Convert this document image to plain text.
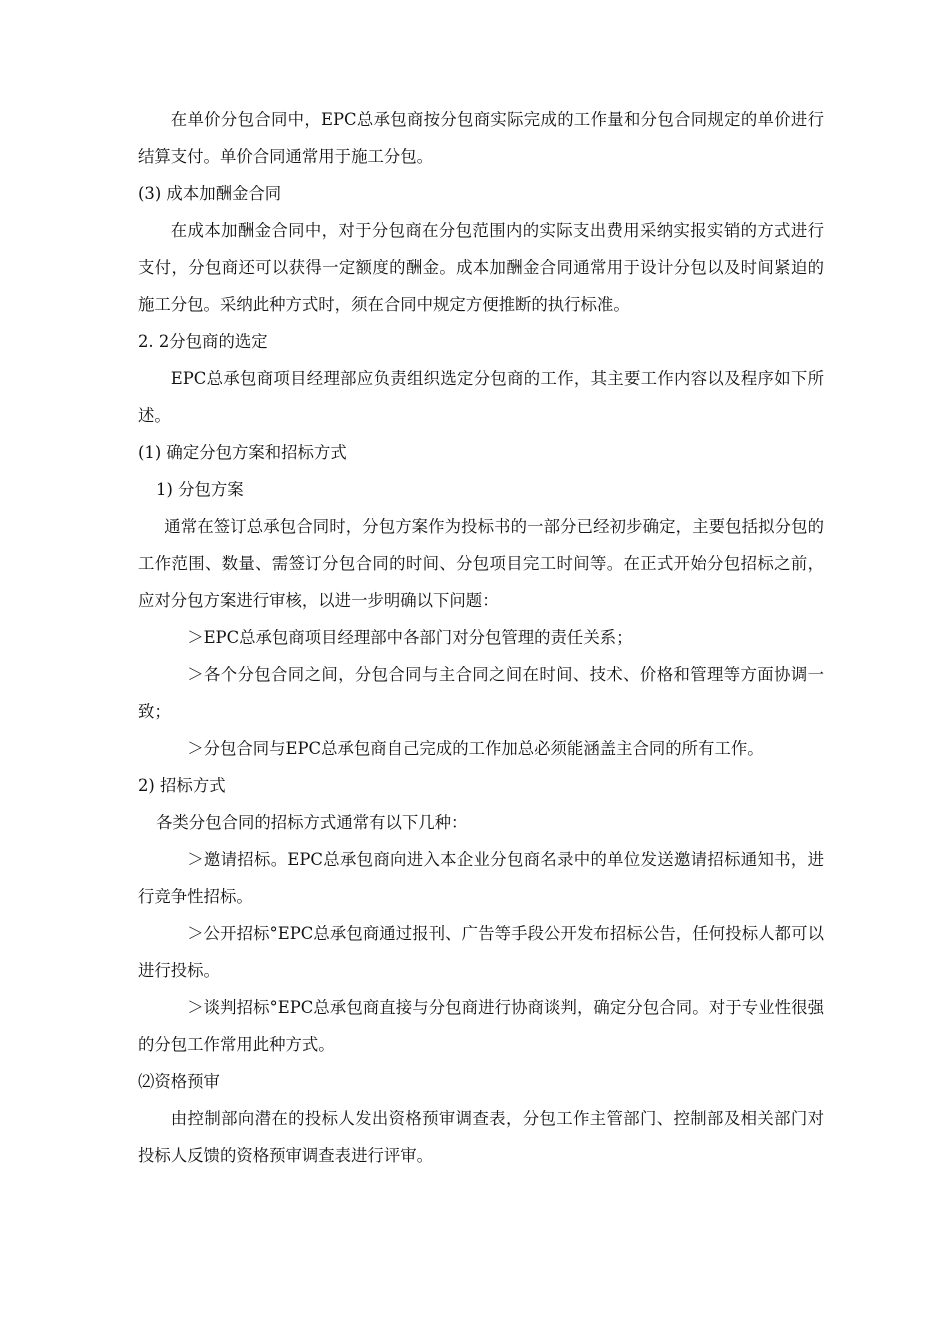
在单价分包合同中，EPC总承包商按分包商实际完成的工作量和分包合同规定的单价进行结算支付。单价合同通常用于施工分包。

(3) 成本加酬金合同

在成本加酬金合同中，对于分包商在分包范围内的实际支出费用采纳实报实销的方式进行支付，分包商还可以获得一定额度的酬金。成本加酬金合同通常用于设计分包以及时间紧迫的施工分包。采纳此种方式时，须在合同中规定方便推断的执行标准。

2. 2分包商的选定

EPC总承包商项目经理部应负责组织选定分包商的工作，其主要工作内容以及程序如下所述。

(1) 确定分包方案和招标方式

1) 分包方案

通常在签订总承包合同时，分包方案作为投标书的一部分已经初步确定，主要包括拟分包的工作范围、数量、需签订分包合同的时间、分包项目完工时间等。在正式开始分包招标之前，应对分包方案进行审核，以进一步明确以下问题：

＞EPC总承包商项目经理部中各部门对分包管理的责任关系；

＞各个分包合同之间，分包合同与主合同之间在时间、技术、价格和管理等方面协调一致；

＞分包合同与EPC总承包商自己完成的工作加总必须能涵盖主合同的所有工作。

2) 招标方式

各类分包合同的招标方式通常有以下几种：

＞邀请招标。EPC总承包商向进入本企业分包商名录中的单位发送邀请招标通知书，进行竞争性招标。

＞公开招标°EPC总承包商通过报刊、广告等手段公开发布招标公告，任何投标人都可以进行投标。

＞谈判招标°EPC总承包商直接与分包商进行协商谈判，确定分包合同。对于专业性很强的分包工作常用此种方式。

⑵资格预审

由控制部向潜在的投标人发出资格预审调查表，分包工作主管部门、控制部及相关部门对投标人反馈的资格预审调查表进行评审。
